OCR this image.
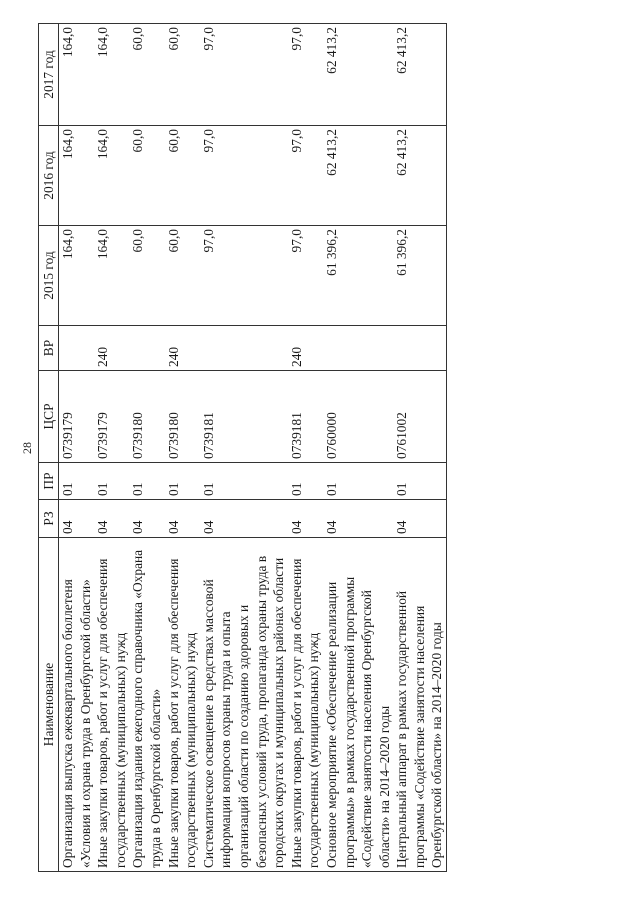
28
Наименование	РЗ	ПР	ЦСР	ВР	2015 год	2016 год	2017 год
Организация выпуска ежеквартального бюллетеня «Условия и охрана труда в Оренбургской области»	04	01	0739179		164,0	164,0	164,0
Иные закупки товаров, работ и услуг для обеспечения государственных (муниципальных) нужд	04	01	0739179	240	164,0	164,0	164,0
Организация издания ежегодного справочника «Охрана труда в Оренбургской области»	04	01	0739180		60,0	60,0	60,0
Иные закупки товаров, работ и услуг для обеспечения государственных (муниципальных) нужд	04	01	0739180	240	60,0	60,0	60,0
Систематическое освещение в средствах массовой информации вопросов охраны труда и опыта организаций области по созданию здоровых и безопасных условий труда, пропаганда охраны труда в городских округах и муниципальных районах области	04	01	0739181		97,0	97,0	97,0
Иные закупки товаров, работ и услуг для обеспечения государственных (муниципальных) нужд	04	01	0739181	240	97,0	97,0	97,0
Основное мероприятие «Обеспечение реализации программы» в рамках государственной программы «Содействие занятости населения Оренбургской области» на 2014–2020 годы	04	01	0760000		61 396,2	62 413,2	62 413,2
Центральный аппарат в рамках государственной программы «Содействие занятости населения Оренбургской области» на 2014–2020 годы	04	01	0761002		61 396,2	62 413,2	62 413,2
